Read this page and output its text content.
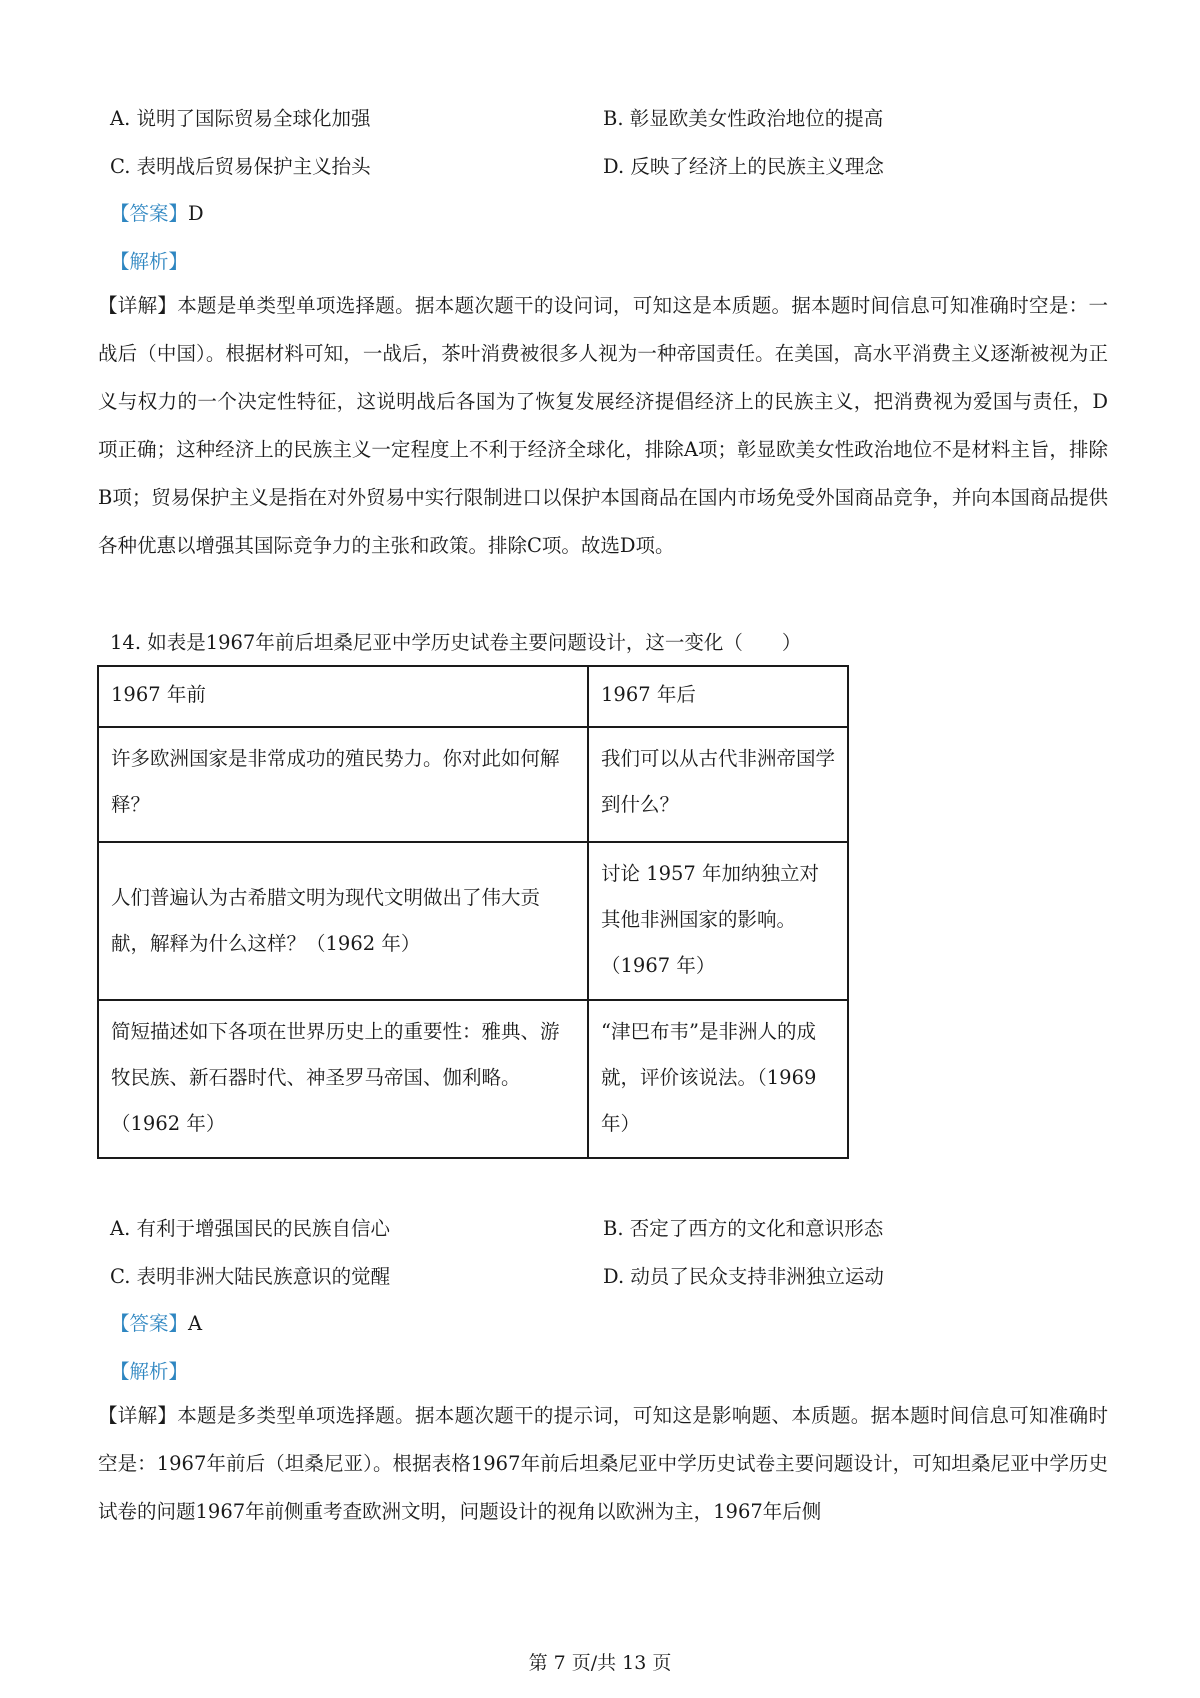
A. 说明了国际贸易全球化加强	B. 彰显欧美女性政治地位的提高
C. 表明战后贸易保护主义抬头	D. 反映了经济上的民族主义理念
【答案】D
【解析】
【详解】本题是单类型单项选择题。据本题次题干的设问词，可知这是本质题。据本题时间信息可知准确时空是：一战后（中国）。根据材料可知，一战后，茶叶消费被很多人视为一种帝国责任。在美国，高水平消费主义逐渐被视为正义与权力的一个决定性特征，这说明战后各国为了恢复发展经济提倡经济上的民族主义，把消费视为爱国与责任，D项正确；这种经济上的民族主义一定程度上不利于经济全球化，排除A项；彰显欧美女性政治地位不是材料主旨，排除B项；贸易保护主义是指在对外贸易中实行限制进口以保护本国商品在国内市场免受外国商品竞争，并向本国商品提供各种优惠以增强其国际竞争力的主张和政策。排除C项。故选D项。
14. 如表是1967年前后坦桑尼亚中学历史试卷主要问题设计，这一变化（　　）
1967 年前	1967 年后
许多欧洲国家是非常成功的殖民势力。你对此如何解释？	我们可以从古代非洲帝国学到什么？
人们普遍认为古希腊文明为现代文明做出了伟大贡献，解释为什么这样？（1962 年）	讨论 1957 年加纳独立对其他非洲国家的影响。（1967 年）
简短描述如下各项在世界历史上的重要性：雅典、游牧民族、新石器时代、神圣罗马帝国、伽利略。（1962 年）	“津巴布韦”是非洲人的成就，评价该说法。（1969年）
A. 有利于增强国民的民族自信心	B. 否定了西方的文化和意识形态
C. 表明非洲大陆民族意识的觉醒	D. 动员了民众支持非洲独立运动
【答案】A
【解析】
【详解】本题是多类型单项选择题。据本题次题干的提示词，可知这是影响题、本质题。据本题时间信息可知准确时空是：1967年前后（坦桑尼亚）。根据表格1967年前后坦桑尼亚中学历史试卷主要问题设计，可知坦桑尼亚中学历史试卷的问题1967年前侧重考查欧洲文明，问题设计的视角以欧洲为主，1967年后侧
第 7 页/共 13 页
